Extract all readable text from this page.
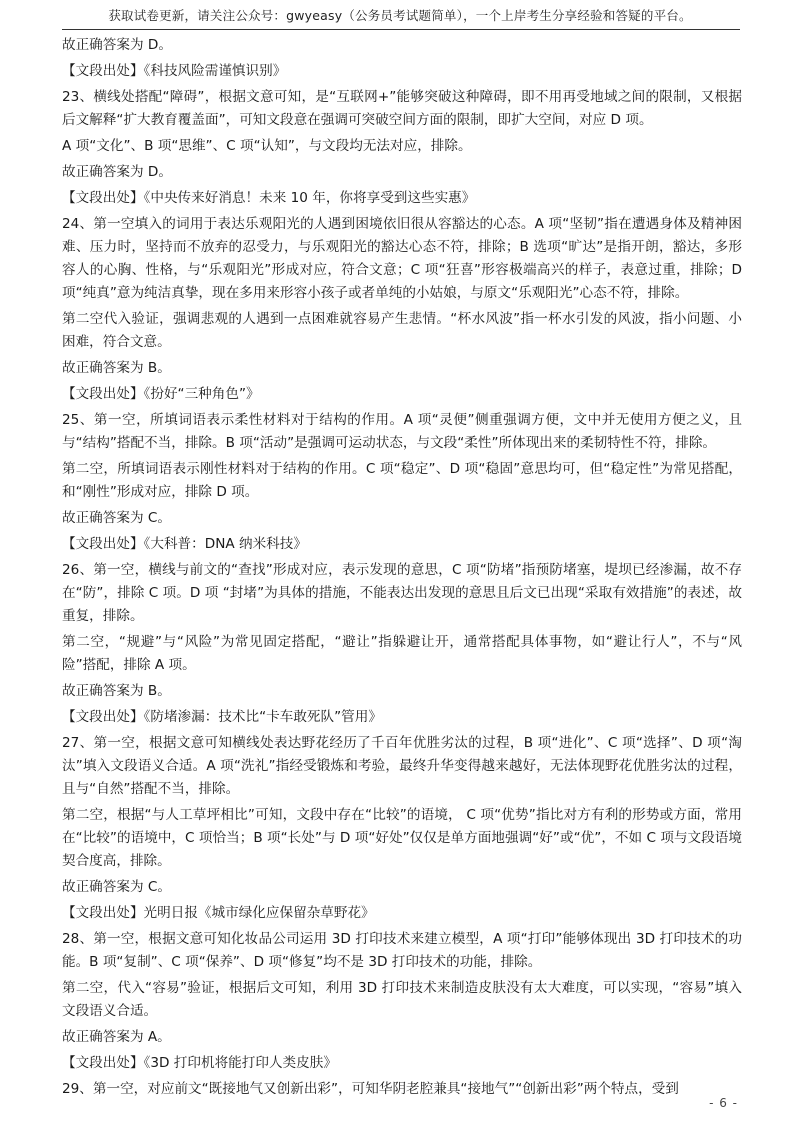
获取试卷更新，请关注公众号：gwyeasy（公务员考试题简单），一个上岸考生分享经验和答疑的平台。

故正确答案为 D。

【文段出处】《科技风险需谨慎识别》

23、横线处搭配“障碍”，根据文意可知，是“互联网+”能够突破这种障碍，即不用再受地域之间的限制，又根据后文解释“扩大教育覆盖面”，可知文段意在强调可突破空间方面的限制，即扩大空间，对应 D 项。

A 项“文化”、B 项“思维”、C 项“认知”，与文段均无法对应，排除。

故正确答案为 D。

【文段出处】《中央传来好消息！未来 10 年，你将享受到这些实惠》

24、第一空填入的词用于表达乐观阳光的人遇到困境依旧很从容豁达的心态。A 项“坚韧”指在遭遇身体及精神困难、压力时，坚持而不放弃的忍受力，与乐观阳光的豁达心态不符，排除；B 选项“旷达”是指开朗，豁达，多形容人的心胸、性格，与“乐观阳光”形成对应，符合文意；C 项“狂喜”形容极端高兴的样子，表意过重，排除；D 项“纯真”意为纯洁真挚，现在多用来形容小孩子或者单纯的小姑娘，与原文“乐观阳光”心态不符，排除。

第二空代入验证，强调悲观的人遇到一点困难就容易产生悲情。“杯水风波”指一杯水引发的风波，指小问题、小困难，符合文意。

故正确答案为 B。

【文段出处】《扮好“三种角色”》

25、第一空，所填词语表示柔性材料对于结构的作用。A 项“灵便”侧重强调方便，文中并无使用方便之义，且与“结构”搭配不当，排除。B 项“活动”是强调可运动状态，与文段“柔性”所体现出来的柔韧特性不符，排除。

第二空，所填词语表示刚性材料对于结构的作用。C 项“稳定”、D 项“稳固”意思均可，但“稳定性”为常见搭配，和“刚性”形成对应，排除 D 项。

故正确答案为 C。

【文段出处】《大科普：DNA 纳米科技》

26、第一空，横线与前文的“查找”形成对应，表示发现的意思，C 项“防堵”指预防堵塞，堤坝已经渗漏，故不存在“防”，排除 C 项。D 项 “封堵”为具体的措施，不能表达出发现的意思且后文已出现“采取有效措施”的表述，故重复，排除。

第二空，“规避”与“风险”为常见固定搭配，“避让”指躲避让开，通常搭配具体事物，如“避让行人”，不与“风险”搭配，排除 A 项。

故正确答案为 B。

【文段出处】《防堵渗漏：技术比“卡车敢死队”管用》

27、第一空，根据文意可知横线处表达野花经历了千百年优胜劣汰的过程，B 项“进化”、C 项“选择”、D 项“淘汰”填入文段语义合适。A 项“洗礼”指经受锻炼和考验，最终升华变得越来越好，无法体现野花优胜劣汰的过程，且与“自然”搭配不当，排除。

第二空，根据“与人工草坪相比”可知，文段中存在“比较”的语境， C 项“优势”指比对方有利的形势或方面，常用在“比较”的语境中，C 项恰当；B 项“长处”与 D 项“好处”仅仅是单方面地强调“好”或“优”，不如 C 项与文段语境契合度高，排除。

故正确答案为 C。

【文段出处】光明日报《城市绿化应保留杂草野花》

28、第一空，根据文意可知化妆品公司运用 3D 打印技术来建立模型，A 项“打印”能够体现出 3D 打印技术的功能。B 项“复制”、C 项“保养”、D 项“修复”均不是 3D 打印技术的功能，排除。

第二空，代入“容易”验证，根据后文可知，利用 3D 打印技术来制造皮肤没有太大难度，可以实现，“容易”填入文段语义合适。

故正确答案为 A。

【文段出处】《3D 打印机将能打印人类皮肤》

29、第一空，对应前文“既接地气又创新出彩”，可知华阴老腔兼具“接地气”“创新出彩”两个特点，受到

- 6 -
